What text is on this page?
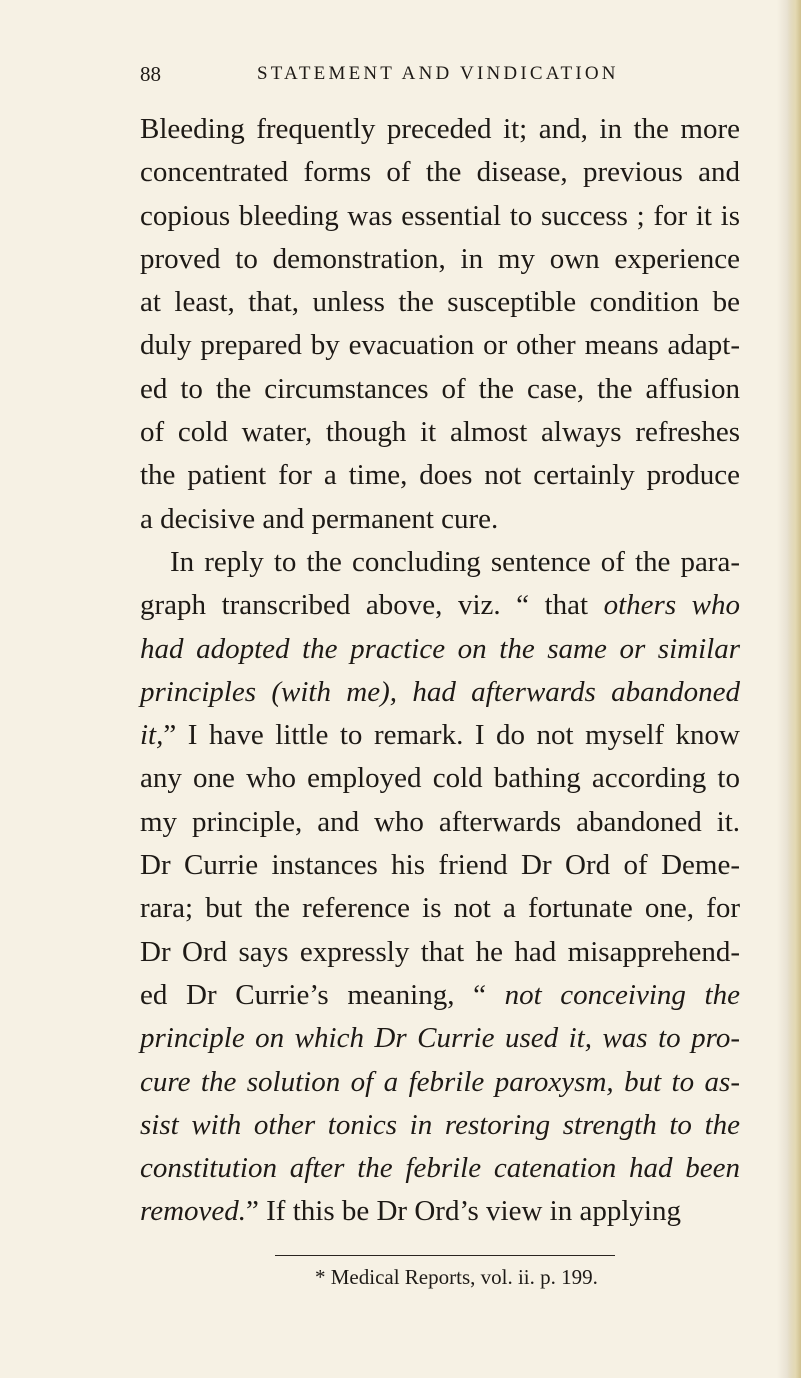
88	STATEMENT AND VINDICATION
Bleeding frequently preceded it; and, in the more
concentrated forms of the disease, previous and
copious bleeding was essential to success ; for it is
proved to demonstration, in my own experience
at least, that, unless the susceptible condition be
duly prepared by evacuation or other means adapt-
ed to the circumstances of the case, the affusion
of cold water, though it almost always refreshes
the patient for a time, does not certainly produce
a decisive and permanent cure.
In reply to the concluding sentence of the para-
graph transcribed above, viz. “ that others who
had adopted the practice on the same or similar
principles (with me), had afterwards abandoned
it,” I have little to remark. I do not myself know
any one who employed cold bathing according to
my principle, and who afterwards abandoned it.
Dr Currie instances his friend Dr Ord of Deme-
rara; but the reference is not a fortunate one, for
Dr Ord says expressly that he had misapprehend-
ed Dr Currie’s meaning, “ not conceiving the
principle on which Dr Currie used it, was to pro-
cure the solution of a febrile paroxysm, but to as-
sist with other tonics in restoring strength to the
constitution after the febrile catenation had been
removed.” If this be Dr Ord’s view in applying
* Medical Reports, vol. ii. p. 199.
